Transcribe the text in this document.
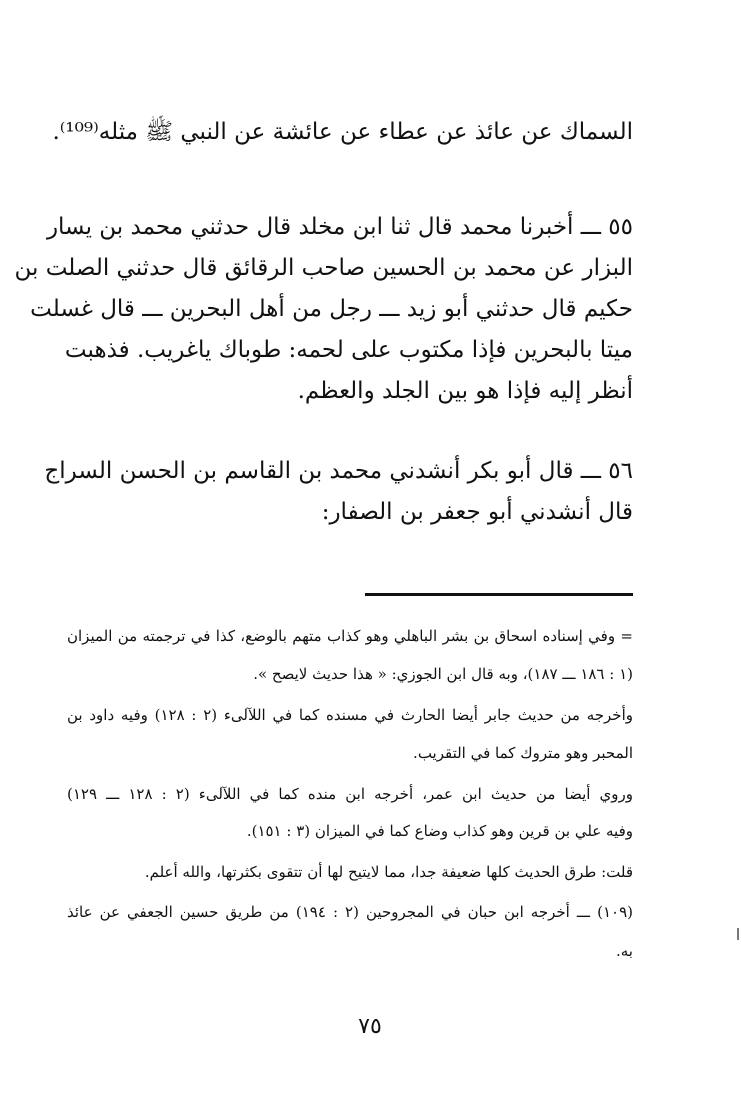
السماك عن عائذ عن عطاء عن عائشة عن النبي ﷺ مثله⁽¹⁰⁹⁾.
٥٥ ـــ أخبرنا محمد قال ثنا ابن مخلد قال حدثني محمد بن يسار
البزار عن محمد بن الحسين صاحب الرقائق قال حدثني الصلت بن
حكيم قال حدثني أبو زيد ـــ رجل من أهل البحرين ـــ قال غسلت
ميتا بالبحرين فإذا مكتوب على لحمه: طوباك ياغريب. فذهبت
أنظر إليه فإذا هو بين الجلد والعظم.
٥٦ ـــ قال أبو بكر أنشدني محمد بن القاسم بن الحسن السراج
قال أنشدني أبو جعفر بن الصفار:
= وفي إسناده اسحاق بن بشر الباهلي وهو كذاب متهم بالوضع، كذا في ترجمته من الميزان
(١ : ١٨٦ ـــ ١٨٧)، وبه قال ابن الجوزي: « هذا حديث لايصح ».
وأخرجه من حديث جابر أيضا الحارث في مسنده كما في اللآلىء (٢ : ١٢٨) وفيه داود بن
المحبر وهو متروك كما في التقريب.
وروي أيضا من حديث ابن عمر، أخرجه ابن منده كما في اللآلىء (٢ : ١٢٨ ـــ ١٢٩)
وفيه علي بن قرين وهو كذاب وضاع كما في الميزان (٣ : ١٥١).
قلت: طرق الحديث كلها ضعيفة جدا، مما لايتيح لها أن تتقوى بكثرتها، والله أعلم.
(١٠٩) ـــ أخرجه ابن حبان في المجروحين (٢ : ١٩٤) من طريق حسين الجعفي عن عائذ
به.
٧٥
